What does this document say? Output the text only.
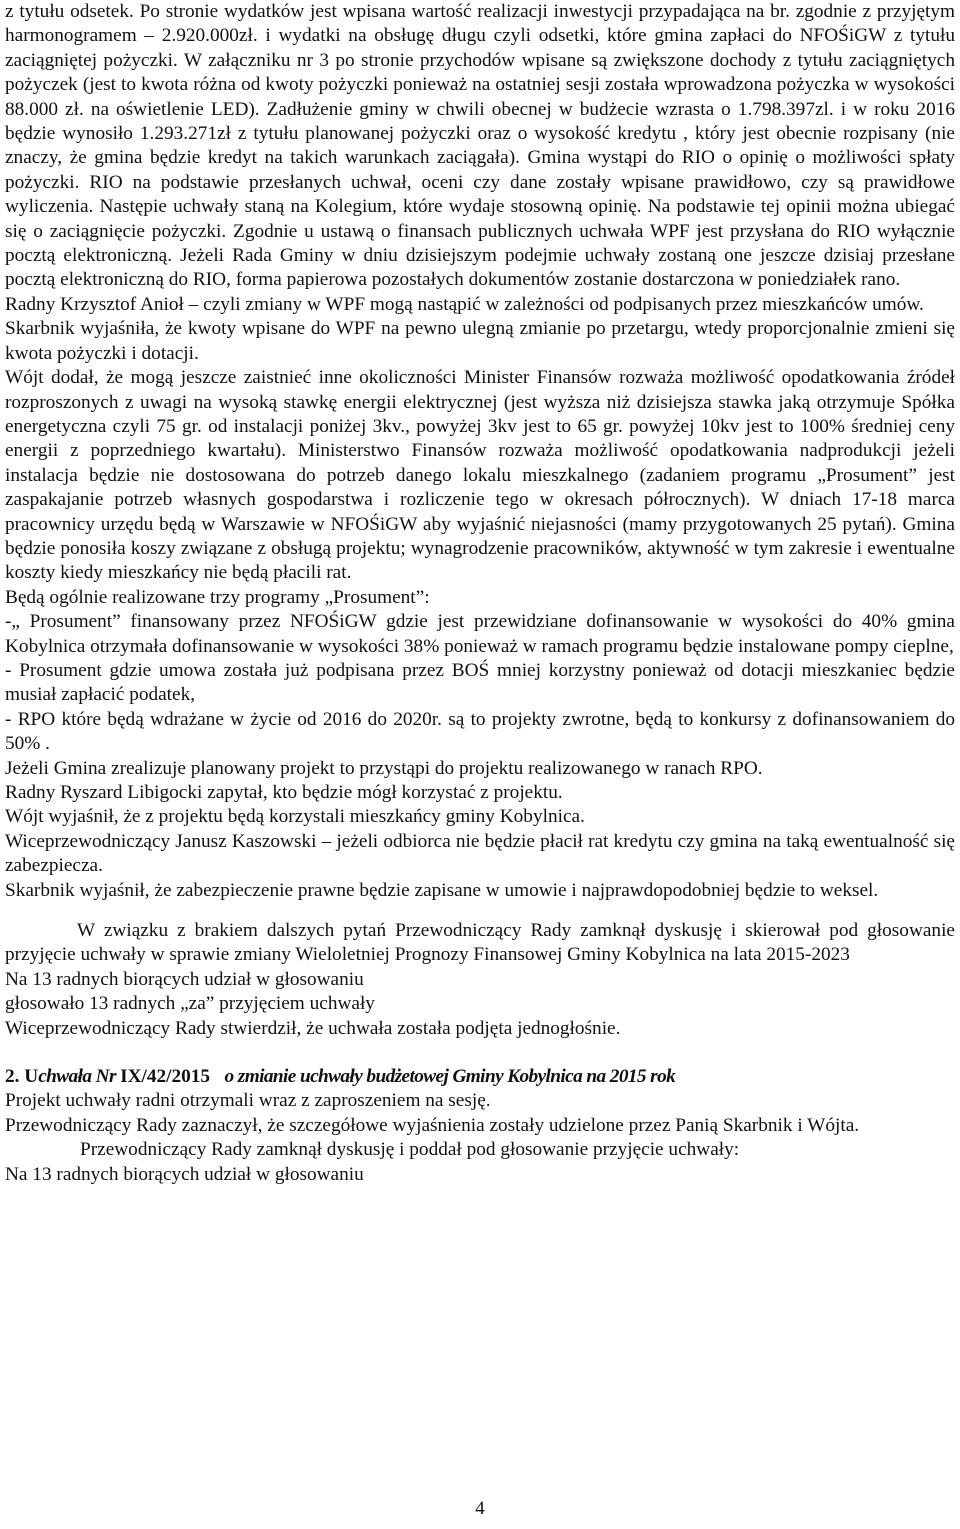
z tytułu odsetek. Po stronie wydatków jest wpisana wartość realizacji inwestycji przypadająca na br. zgodnie z przyjętym harmonogramem – 2.920.000zł. i wydatki na obsługę długu czyli odsetki, które gmina zapłaci do NFOŚiGW z tytułu zaciągniętej pożyczki. W załączniku nr 3 po stronie przychodów wpisane są zwiększone dochody z tytułu zaciągniętych pożyczek (jest to kwota różna od kwoty pożyczki ponieważ na ostatniej sesji została wprowadzona pożyczka w wysokości 88.000 zł. na oświetlenie LED). Zadłużenie gminy w chwili obecnej w budżecie wzrasta o 1.798.397zl. i w roku 2016 będzie wynosiło 1.293.271zł z tytułu planowanej pożyczki oraz o wysokość kredytu , który jest obecnie rozpisany (nie znaczy, że gmina będzie kredyt na takich warunkach zaciągała). Gmina wystąpi do RIO o opinię o możliwości spłaty pożyczki. RIO na podstawie przesłanych uchwał, oceni czy dane zostały wpisane prawidłowo, czy są prawidłowe wyliczenia. Następie uchwały staną na Kolegium, które wydaje stosowną opinię. Na podstawie tej opinii można ubiegać się o zaciągnięcie pożyczki. Zgodnie u ustawą o finansach publicznych uchwała WPF jest przysłana do RIO wyłącznie pocztą elektroniczną. Jeżeli Rada Gminy w dniu dzisiejszym podejmie uchwały zostaną one jeszcze dzisiaj przesłane pocztą elektroniczną do RIO, forma papierowa pozostałych dokumentów zostanie dostarczona w poniedziałek rano.

Radny Krzysztof Anioł – czyli zmiany w WPF mogą nastąpić w zależności od podpisanych przez mieszkańców umów.

Skarbnik wyjaśniła, że kwoty wpisane do WPF na pewno ulegną zmianie po przetargu, wtedy proporcjonalnie zmieni się kwota pożyczki i dotacji.

Wójt dodał, że mogą jeszcze zaistnieć inne okoliczności Minister Finansów rozważa możliwość opodatkowania źródeł rozproszonych z uwagi na wysoką stawkę energii elektrycznej (jest wyższa niż dzisiejsza stawka jaką otrzymuje Spółka energetyczna czyli 75 gr. od instalacji poniżej 3kv., powyżej 3kv jest to 65 gr. powyżej 10kv jest to 100% średniej ceny energii z poprzedniego kwartału). Ministerstwo Finansów rozważa możliwość opodatkowania nadprodukcji jeżeli instalacja będzie nie dostosowana do potrzeb danego lokalu mieszkalnego (zadaniem programu „Prosument” jest zaspakajanie potrzeb własnych gospodarstwa i rozliczenie tego w okresach półrocznych). W dniach 17-18 marca pracownicy urzędu będą w Warszawie w NFOŚiGW aby wyjaśnić niejasności (mamy przygotowanych 25 pytań). Gmina będzie ponosiła koszy związane z obsługą projektu; wynagrodzenie pracowników, aktywność w tym zakresie i ewentualne koszty kiedy mieszkańcy nie będą płacili rat.

Będą ogólnie realizowane trzy programy „Prosument”:

-„ Prosument” finansowany przez NFOŚiGW gdzie jest przewidziane dofinansowanie w wysokości do 40% gmina Kobylnica otrzymała dofinansowanie w wysokości 38% ponieważ w ramach programu będzie instalowane pompy cieplne,

- Prosument gdzie umowa została już podpisana przez BOŚ mniej korzystny ponieważ od dotacji mieszkaniec będzie musiał zapłacić podatek,

- RPO które będą wdrażane w życie od 2016 do 2020r. są to projekty zwrotne, będą to konkursy z dofinansowaniem do 50% .

Jeżeli Gmina zrealizuje planowany projekt to przystąpi do projektu realizowanego w ranach RPO.

Radny Ryszard Libigocki zapytał, kto będzie mógł korzystać z projektu.

Wójt wyjaśnił, że z projektu będą korzystali mieszkańcy gminy Kobylnica.

Wiceprzewodniczący Janusz Kaszowski – jeżeli odbiorca nie będzie płacił rat kredytu czy gmina na taką ewentualność się zabezpiecza.

Skarbnik wyjaśnił, że zabezpieczenie prawne będzie zapisane w umowie i najprawdopodobniej będzie to weksel.

W związku z brakiem dalszych pytań Przewodniczący Rady zamknął dyskusję i skierował pod głosowanie przyjęcie uchwały w sprawie zmiany Wieloletniej Prognozy Finansowej Gminy Kobylnica na lata 2015-2023

Na 13 radnych biorących udział w głosowaniu

głosowało 13 radnych „za” przyjęciem uchwały

Wiceprzewodniczący Rady stwierdził, że uchwała została podjęta jednogłośnie.

2. Uchwała Nr IX/42/2015 o zmianie uchwały budżetowej Gminy Kobylnica na 2015 rok

Projekt uchwały radni otrzymali wraz z zaproszeniem na sesję.

Przewodniczący Rady zaznaczył, że szczegółowe wyjaśnienia zostały udzielone przez Panią Skarbnik i Wójta.

Przewodniczący Rady zamknął dyskusję i poddał pod głosowanie przyjęcie uchwały:

Na 13 radnych biorących udział w głosowaniu

4
